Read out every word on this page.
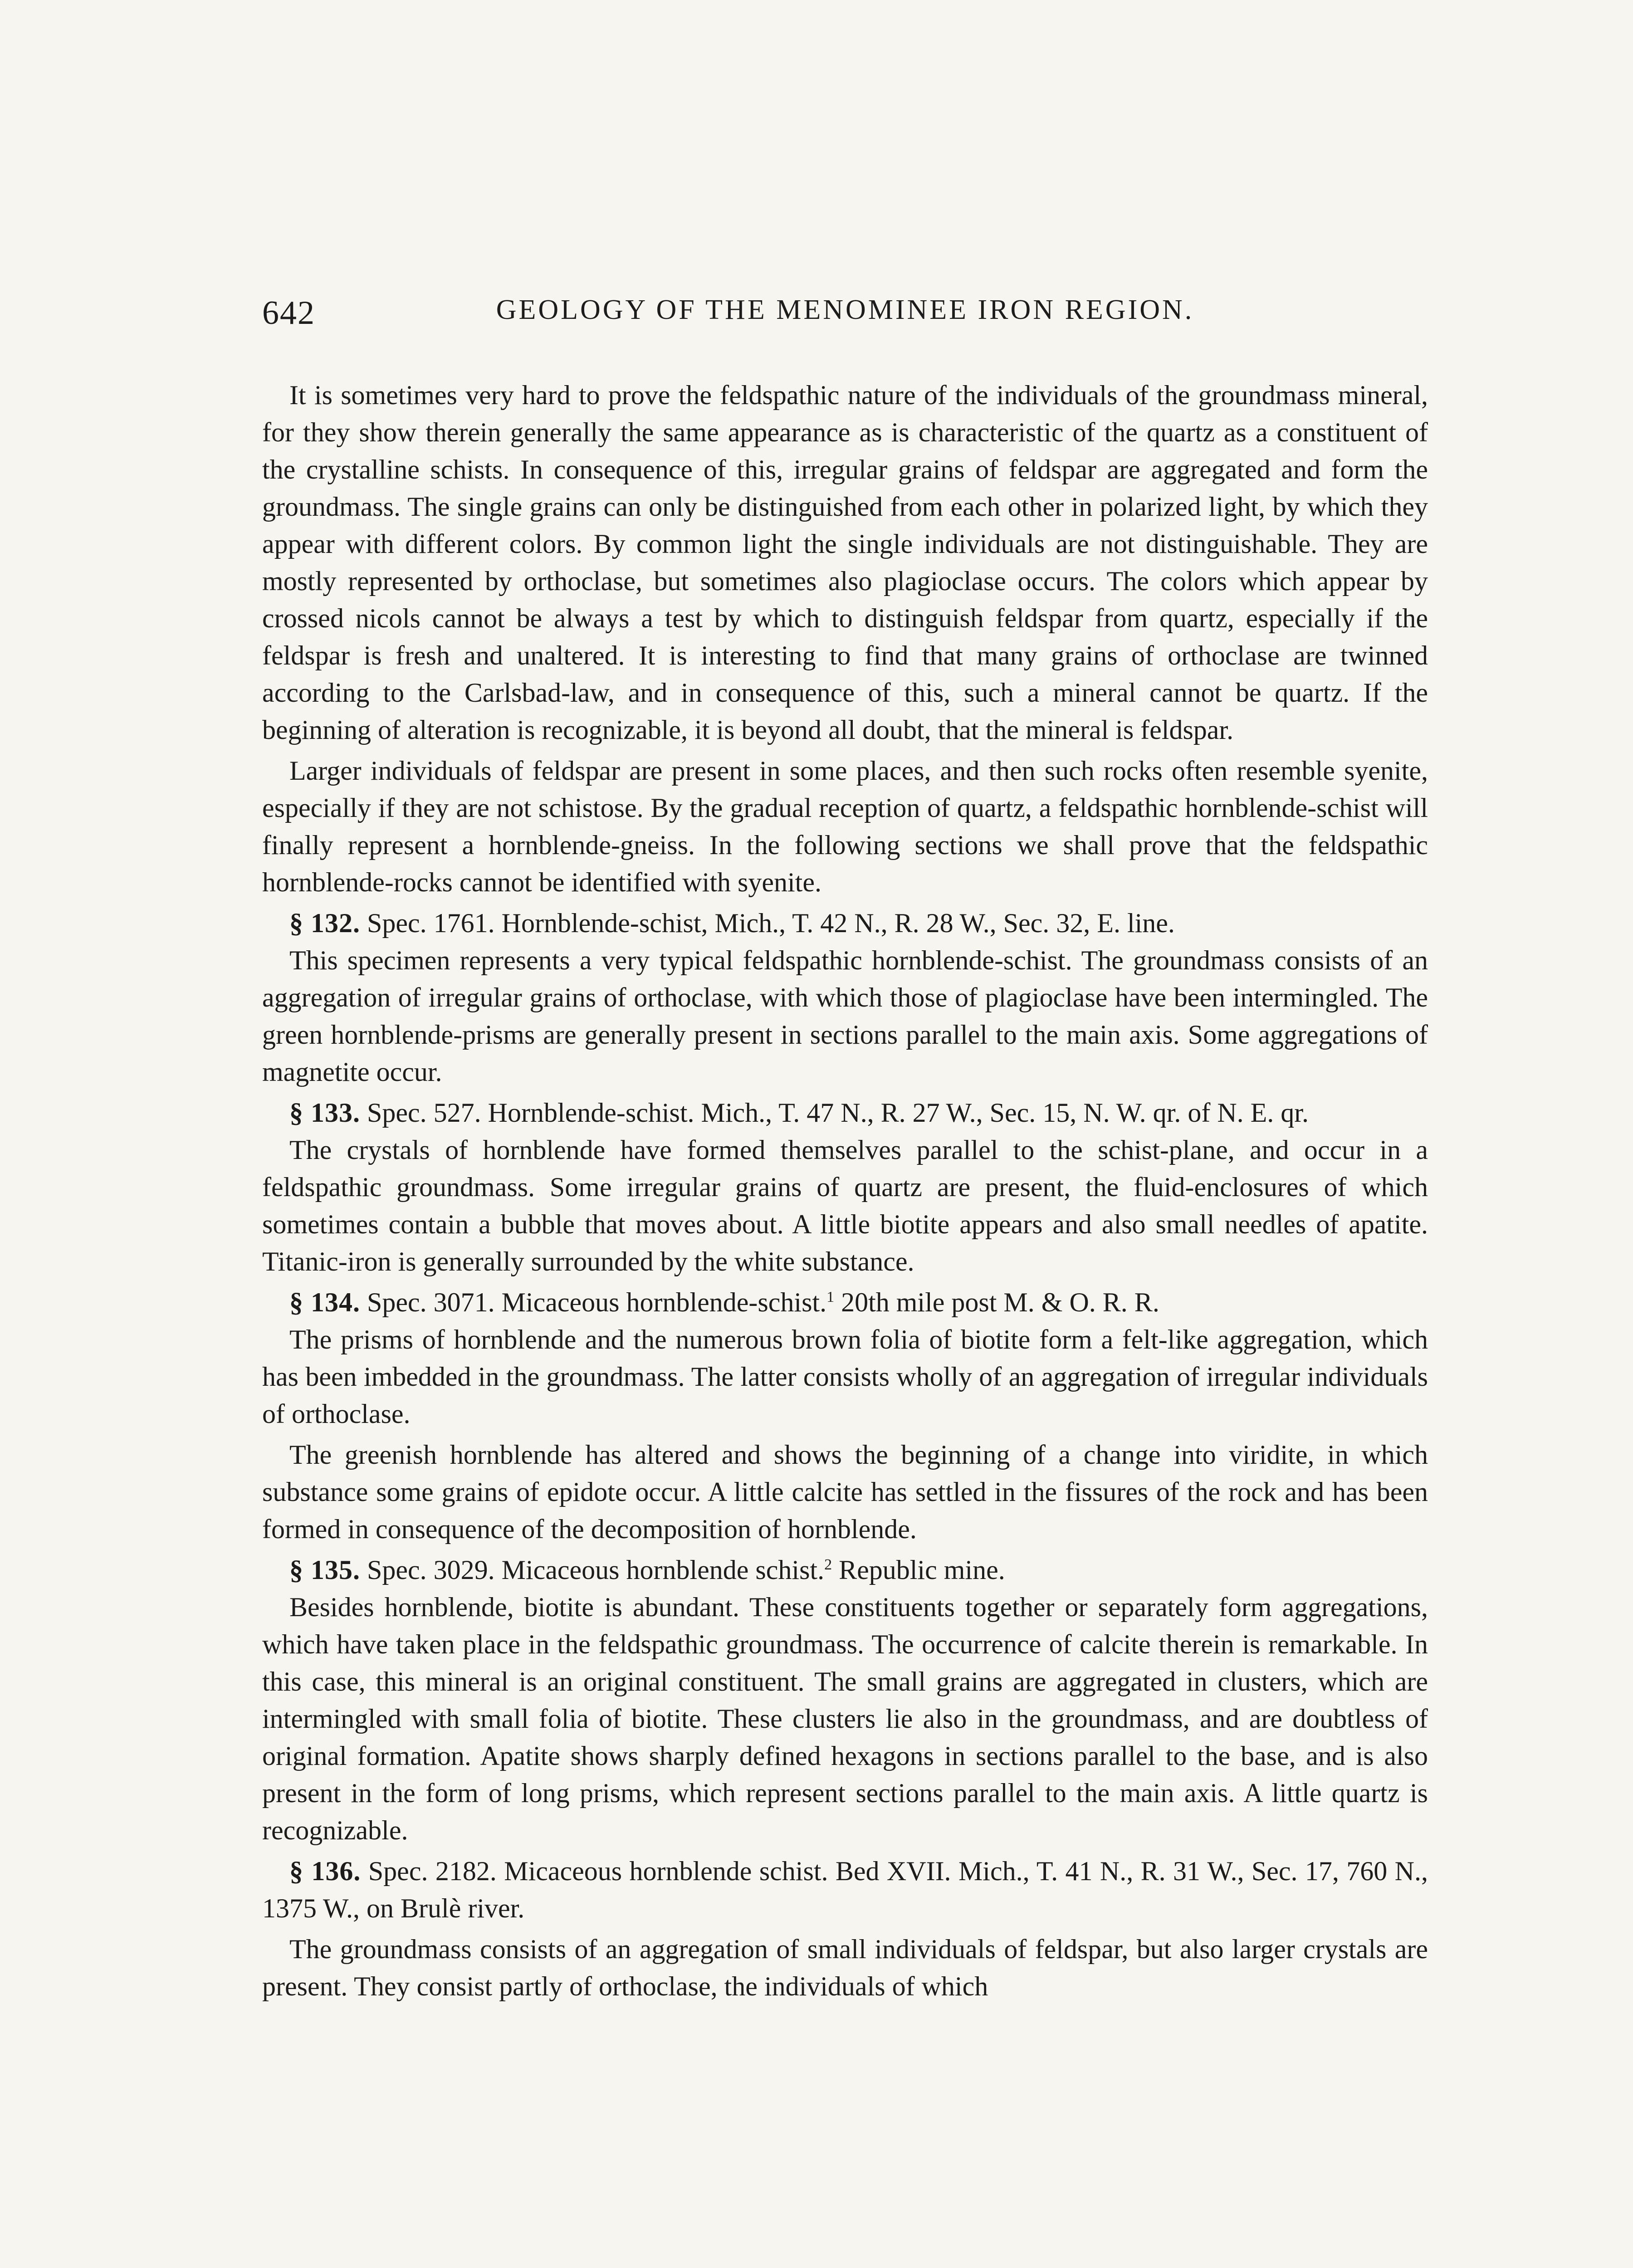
642	GEOLOGY OF THE MENOMINEE IRON REGION.

It is sometimes very hard to prove the feldspathic nature of the individuals of the groundmass mineral, for they show therein generally the same appearance as is characteristic of the quartz as a constituent of the crystalline schists. In consequence of this, irregular grains of feldspar are aggregated and form the groundmass. The single grains can only be distinguished from each other in polarized light, by which they appear with different colors. By common light the single individuals are not distinguishable. They are mostly represented by orthoclase, but sometimes also plagioclase occurs. The colors which appear by crossed nicols cannot be always a test by which to distinguish feldspar from quartz, especially if the feldspar is fresh and unaltered. It is interesting to find that many grains of orthoclase are twinned according to the Carlsbad-law, and in consequence of this, such a mineral cannot be quartz. If the beginning of alteration is recognizable, it is beyond all doubt, that the mineral is feldspar.

Larger individuals of feldspar are present in some places, and then such rocks often resemble syenite, especially if they are not schistose. By the gradual reception of quartz, a feldspathic hornblende-schist will finally represent a hornblende-gneiss. In the following sections we shall prove that the feldspathic hornblende-rocks cannot be identified with syenite.

§ 132. Spec. 1761. Hornblende-schist, Mich., T. 42 N., R. 28 W., Sec. 32, E. line.

This specimen represents a very typical feldspathic hornblende-schist. The groundmass consists of an aggregation of irregular grains of orthoclase, with which those of plagioclase have been intermingled. The green hornblende-prisms are generally present in sections parallel to the main axis. Some aggregations of magnetite occur.

§ 133. Spec. 527. Hornblende-schist. Mich., T. 47 N., R. 27 W., Sec. 15, N. W. qr. of N. E. qr.

The crystals of hornblende have formed themselves parallel to the schist-plane, and occur in a feldspathic groundmass. Some irregular grains of quartz are present, the fluid-enclosures of which sometimes contain a bubble that moves about. A little biotite appears and also small needles of apatite. Titanic-iron is generally surrounded by the white substance.

§ 134. Spec. 3071. Micaceous hornblende-schist.$^1$ 20th mile post M. & O. R. R.

The prisms of hornblende and the numerous brown folia of biotite form a felt-like aggregation, which has been imbedded in the groundmass. The latter consists wholly of an aggregation of irregular individuals of orthoclase.

The greenish hornblende has altered and shows the beginning of a change into viridite, in which substance some grains of epidote occur. A little calcite has settled in the fissures of the rock and has been formed in consequence of the decomposition of hornblende.

§ 135. Spec. 3029. Micaceous hornblende schist.$^2$ Republic mine.

Besides hornblende, biotite is abundant. These constituents together or separately form aggregations, which have taken place in the feldspathic groundmass. The occurrence of calcite therein is remarkable. In this case, this mineral is an original constituent. The small grains are aggregated in clusters, which are intermingled with small folia of biotite. These clusters lie also in the groundmass, and are doubtless of original formation. Apatite shows sharply defined hexagons in sections parallel to the base, and is also present in the form of long prisms, which represent sections parallel to the main axis. A little quartz is recognizable.

§ 136. Spec. 2182. Micaceous hornblende schist. Bed XVII. Mich., T. 41 N., R. 31 W., Sec. 17, 760 N., 1375 W., on Brulè river.

The groundmass consists of an aggregation of small individuals of feldspar, but also larger crystals are present. They consist partly of orthoclase, the individuals of which
